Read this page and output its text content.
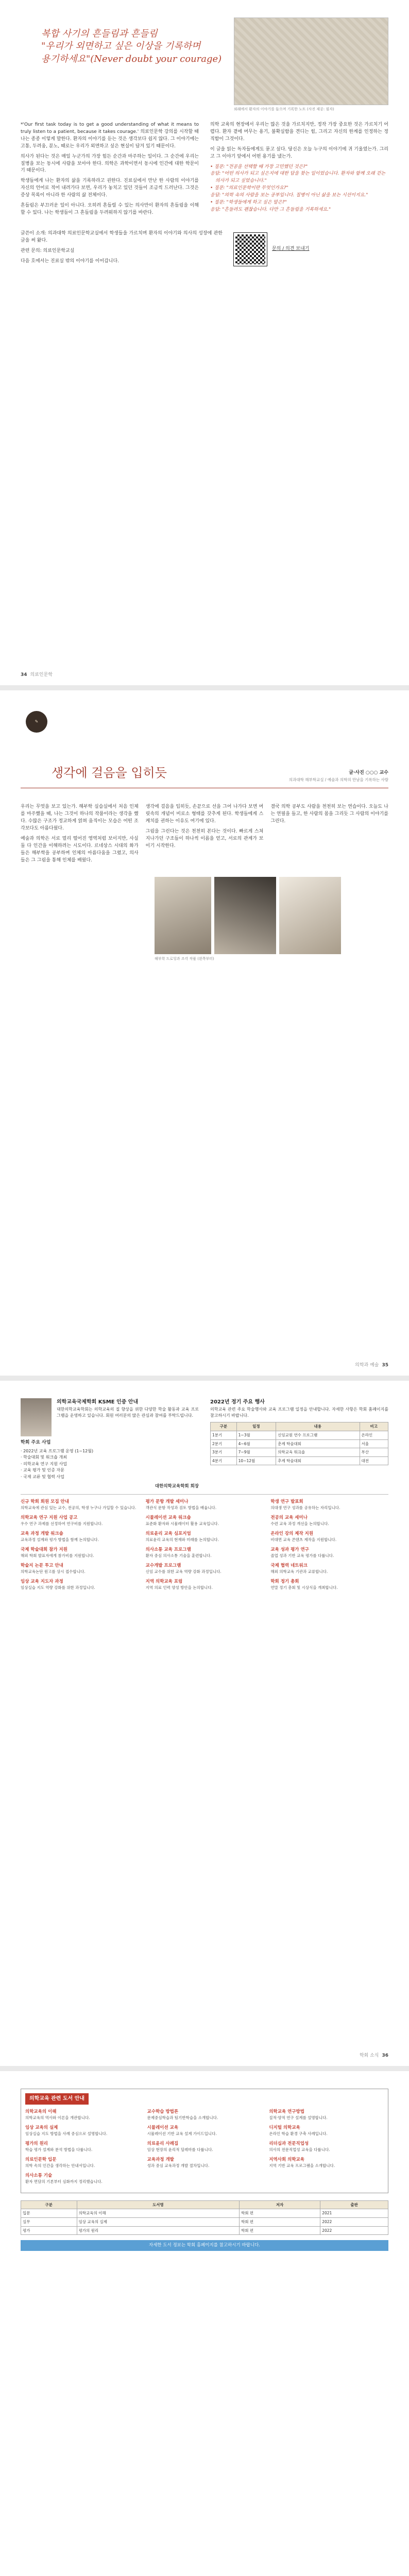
복합 사기의 흔들림과 흔들림
"우리가 외면하고 싶은 이상을 기록하며
용기하세요"(Never doubt your courage)
외래에서 환자의 이야기를 들으며 기록한 노트 (사진 제공: 필자)

*'Our first task today is to get a good understanding of what it means to truly listen to a patient, because it takes courage.' 의료인문학 강의를 시작할 때 나는 종종 이렇게 말한다. 환자의 이야기를 듣는 것은 생각보다 쉽지 않다. 그 이야기에는 고통, 두려움, 분노, 때로는 우리가 외면하고 싶은 현실이 담겨 있기 때문이다.

의사가 된다는 것은 매일 누군가의 가장 힘든 순간과 마주하는 일이다. 그 순간에 우리는 질병을 보는 동시에 사람을 보아야 한다. 의학은 과학이면서 동시에 인간에 대한 학문이기 때문이다.

학생들에게 나는 환자의 삶을 기록하라고 권한다. 진료실에서 만난 한 사람의 이야기를 자신의 언어로 적어 내려가다 보면, 우리가 놓치고 있던 것들이 조금씩 드러난다. 그것은 증상 목록이 아니라 한 사람의 삶 전체이다.

흔들림은 부끄러운 일이 아니다. 오히려 흔들릴 수 있는 의사만이 환자의 흔들림을 이해할 수 있다. 나는 학생들이 그 흔들림을 두려워하지 않기를 바란다.

의학 교육의 현장에서 우리는 많은 것을 가르치지만, 정작 가장 중요한 것은 가르치기 어렵다. 환자 곁에 머무는 용기, 불확실함을 견디는 힘, 그리고 자신의 한계를 인정하는 정직함이 그것이다.

이 글을 읽는 독자들에게도 묻고 싶다. 당신은 오늘 누구의 이야기에 귀 기울였는가. 그리고 그 이야기 앞에서 어떤 용기를 냈는가.

• 질문: "전공을 선택할 때 가장 고민했던 것은?"
응답: "어떤 의사가 되고 싶은지에 대한 답을 찾는 일이었습니다. 환자와 함께 오래 걷는 의사가 되고 싶었습니다."
• 질문: "의료인문학이란 무엇인가요?"
응답: "의학 속의 사람을 보는 공부입니다. 질병이 아닌 삶을 보는 시선이지요."
• 질문: "학생들에게 하고 싶은 말은?"
응답: "흔들려도 괜찮습니다. 다만 그 흔들림을 기록하세요."

글쓴이 소개: 의과대학 의료인문학교실에서 학생들을 가르치며 환자의 이야기와 의사의 성장에 관한 글을 써 왔다.

관련 문의: 의료인문학교실

다음 호에서는 진료실 밖의 이야기를 이어갑니다.

문의 / 의견 보내기
34 의료인문학
✎
생각에 걸음을 입히듯	글·사진 ○○○ 교수
의과대학 해부학교실 / 예술과 의학의 만남을 기록하는 사람

우리는 무엇을 보고 있는가. 해부학 실습실에서 처음 인체를 마주했을 때, 나는 그것이 하나의 작품이라는 생각을 했다. 수많은 구조가 정교하게 얽혀 움직이는 모습은 어떤 조각보다도 아름다웠다.

예술과 의학은 서로 멀리 떨어진 영역처럼 보이지만, 사실 둘 다 인간을 이해하려는 시도이다. 르네상스 시대의 화가들은 해부학을 공부하며 인체의 아름다움을 그렸고, 의사들은 그 그림을 통해 인체를 배웠다.

생각에 걸음을 입히듯, 손끝으로 선을 그어 나가다 보면 머릿속의 개념이 비로소 형태를 갖추게 된다. 학생들에게 스케치를 권하는 이유도 여기에 있다.

그림을 그린다는 것은 천천히 본다는 것이다. 빠르게 스쳐 지나가던 구조들이 하나씩 이름을 얻고, 서로의 관계가 보이기 시작한다.

결국 의학 공부도 사람을 천천히 보는 연습이다. 오늘도 나는 연필을 들고, 한 사람의 몸을 그리듯 그 사람의 이야기를 그린다.

해부학 드로잉과 조각 작품 (왼쪽부터)
의학과 예술 35
의학교육국제학회 KSME 인증 안내

대한의학교육학회는 의학교육의 질 향상을 위한 다양한 학술 활동과 교육 프로그램을 운영하고 있습니다. 회원 여러분의 많은 관심과 참여를 부탁드립니다.

학회 주요 사업
· 2022년 교육 프로그램 운영 (1~12월)
· 학술대회 및 워크숍 개최
· 의학교육 연구 지원 사업
· 교육 평가 및 인증 자문
· 국제 교류 및 협력 사업
대한의학교육학회 회장
2022년 정기 주요 행사

의학교육 관련 주요 학술행사와 교육 프로그램 일정을 안내합니다. 자세한 사항은 학회 홈페이지를 참고하시기 바랍니다.

구분	일정	내용	비고
1분기	1~3월	신임교원 연수 프로그램	온라인
2분기	4~6월	춘계 학술대회	서울
3분기	7~9월	의학교육 워크숍	부산
4분기	10~12월	추계 학술대회	대전
신규 학회 회원 모집 안내
의학교육에 관심 있는 교수, 전공의, 학생 누구나 가입할 수 있습니다.
의학교육 연구 지원 사업 공고
우수 연구 과제를 선정하여 연구비를 지원합니다.
교육 과정 개발 워크숍
교육과정 설계와 평가 방법을 함께 논의합니다.
국제 학술대회 참가 지원
해외 학회 발표자에게 참가비를 지원합니다.
학술지 논문 투고 안내
의학교육논단 원고를 상시 접수합니다.
임상 교육 지도자 과정
임상실습 지도 역량 강화를 위한 과정입니다.
평가 문항 개발 세미나
객관식 문항 작성과 검토 방법을 배웁니다.
시뮬레이션 교육 워크숍
표준화 환자와 시뮬레이터 활용 교육입니다.
의료윤리 교육 심포지엄
의료윤리 교육의 현재와 미래를 논의합니다.
의사소통 교육 프로그램
환자 중심 의사소통 기술을 훈련합니다.
교수개발 프로그램
신임 교수를 위한 교육 역량 강화 과정입니다.
지역 의학교육 포럼
지역 의료 인력 양성 방안을 논의합니다.
학생 연구 발표회
의대생 연구 성과를 공유하는 자리입니다.
전공의 교육 세미나
수련 교육 과정 개선을 논의합니다.
온라인 강의 제작 지원
비대면 교육 콘텐츠 제작을 지원합니다.
교육 성과 평가 연구
졸업 성과 기반 교육 평가를 다룹니다.
국제 협력 네트워크
해외 의학교육 기관과 교류합니다.
학회 정기 총회
연말 정기 총회 및 시상식을 개최합니다.
학회 소식 36
의학교육 관련 도서 안내
의학교육의 이해
의학교육의 역사와 이론을 개관합니다.
임상 교육의 실제
임상실습 지도 방법을 사례 중심으로 설명합니다.
평가의 원리
학습 평가 설계와 분석 방법을 다룹니다.
의료인문학 입문
의학 속의 인간을 생각하는 안내서입니다.
의사소통 기술
환자 면담의 기본부터 심화까지 정리했습니다.
교수학습 방법론
문제중심학습과 팀기반학습을 소개합니다.
시뮬레이션 교육
시뮬레이션 기반 교육 설계 가이드입니다.
의료윤리 사례집
임상 현장의 윤리적 딜레마를 다룹니다.
교육과정 개발
성과 중심 교육과정 개발 절차입니다.
의학교육 연구방법
질적·양적 연구 설계를 설명합니다.
디지털 의학교육
온라인 학습 환경 구축 사례입니다.
리더십과 전문직업성
의사의 전문직업성 교육을 다룹니다.
지역사회 의학교육
지역 기반 교육 프로그램을 소개합니다.
구분	도서명	저자	출판
입문	의학교육의 이해	학회 편	2021
실무	임상 교육의 실제	학회 편	2022
평가	평가의 원리	학회 편	2022
자세한 도서 정보는 학회 홈페이지를 참고하시기 바랍니다.
